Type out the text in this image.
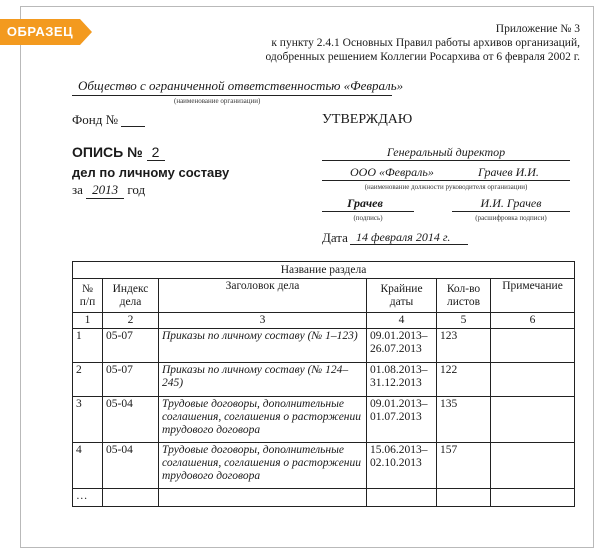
ОБРАЗЕЦ	Приложение № 3
к пункту 2.4.1 Основных Правил работы архивов организаций,
одобренных решением Коллегии Росархива от 6 февраля 2002 г.
Общество с ограниченной ответственностью «Февраль»
(наименование организации)
Фонд №	УТВЕРЖДАЮ
ОПИСЬ № 2
дел по личному составу
за 2013 год
Генеральный директор
ООО «Февраль»	Грачев И.И.
(наименование должности руководителя организации)
Грачев
(подпись)
И.И. Грачев
(расшифровка подписи)
Дата 14 февраля 2014 г.
Название раздела					
№ п/п	Индекс дела	Заголовок дела	Крайние даты	Кол-во листов	Примечание
1	2	3	4	5	6
1	05-07	Приказы по личному составу (№ 1–123)	09.01.2013– 26.07.2013	123	
2	05-07	Приказы по личному составу (№ 124–245)	01.08.2013– 31.12.2013	122	
3	05-04	Трудовые договоры, дополнительные соглашения, соглашения о расторжении трудового договора	09.01.2013– 01.07.2013	135	
4	05-04	Трудовые договоры, дополнительные соглашения, соглашения о расторжении трудового договора	15.06.2013– 02.10.2013	157	
…					
